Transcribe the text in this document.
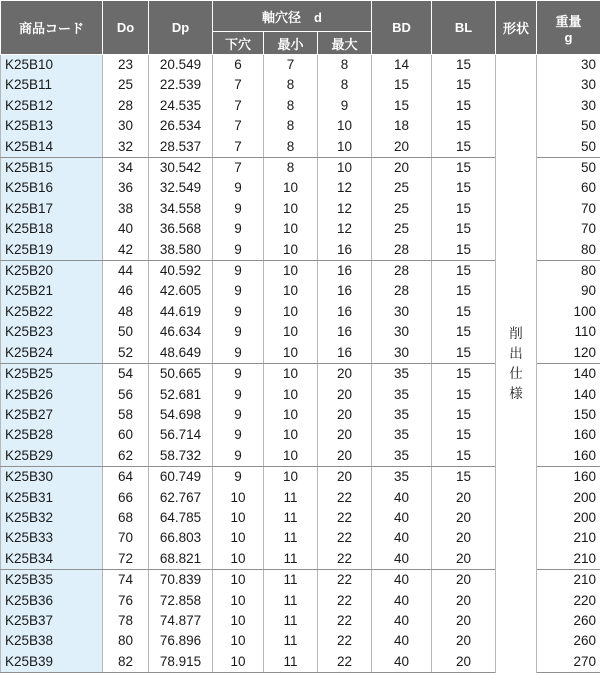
商品コード	Do	Dp	軸穴径　d			BD	BL	形状	重量
g
			下穴	最小	最大				
K25B10	23	20.549	6	7	8	14	15	削出仕様	30
K25B11	25	22.539	7	8	8	15	15		30
K25B12	28	24.535	7	8	9	15	15		30
K25B13	30	26.534	7	8	10	18	15		50
K25B14	32	28.537	7	8	10	20	15		50
K25B15	34	30.542	7	8	10	20	15		50
K25B16	36	32.549	9	10	12	25	15		60
K25B17	38	34.558	9	10	12	25	15		70
K25B18	40	36.568	9	10	12	25	15		70
K25B19	42	38.580	9	10	16	28	15		80
K25B20	44	40.592	9	10	16	28	15		80
K25B21	46	42.605	9	10	16	28	15		90
K25B22	48	44.619	9	10	16	30	15		100
K25B23	50	46.634	9	10	16	30	15		110
K25B24	52	48.649	9	10	16	30	15		120
K25B25	54	50.665	9	10	20	35	15		140
K25B26	56	52.681	9	10	20	35	15		140
K25B27	58	54.698	9	10	20	35	15		150
K25B28	60	56.714	9	10	20	35	15		160
K25B29	62	58.732	9	10	20	35	15		160
K25B30	64	60.749	9	10	20	35	15		160
K25B31	66	62.767	10	11	22	40	20		200
K25B32	68	64.785	10	11	22	40	20		200
K25B33	70	66.803	10	11	22	40	20		210
K25B34	72	68.821	10	11	22	40	20		210
K25B35	74	70.839	10	11	22	40	20		210
K25B36	76	72.858	10	11	22	40	20		220
K25B37	78	74.877	10	11	22	40	20		260
K25B38	80	76.896	10	11	22	40	20		260
K25B39	82	78.915	10	11	22	40	20		270
